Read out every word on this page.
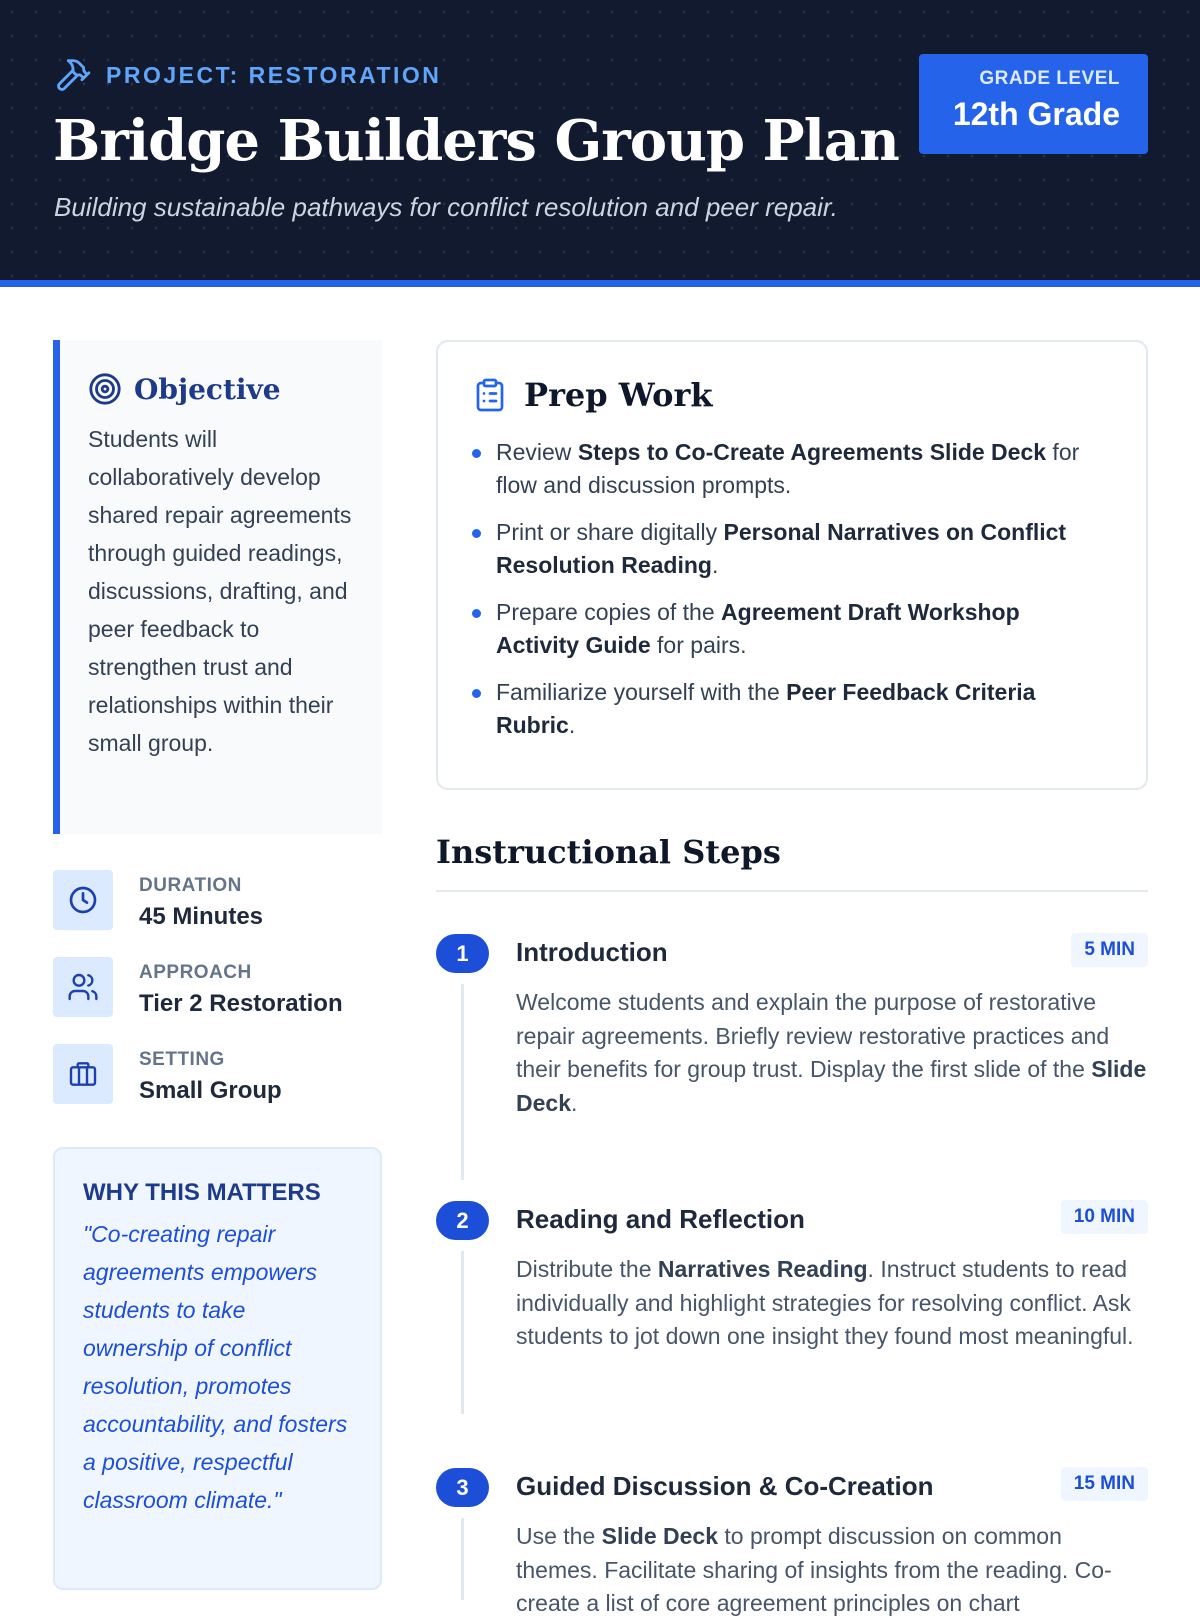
PROJECT: RESTORATION
Bridge Builders Group Plan

Building sustainable pathways for conflict resolution and peer repair.

GRADE LEVEL
12th Grade
Objective

Students will collaboratively develop shared repair agreements through guided readings, discussions, drafting, and peer feedback to strengthen trust and relationships within their small group.

DURATION
45 Minutes
APPROACH
Tier 2 Restoration
SETTING
Small Group
WHY THIS MATTERS

"Co-creating repair agreements empowers students to take ownership of conflict resolution, promotes accountability, and fosters a positive, respectful classroom climate."

Prep Work
Review Steps to Co-Create Agreements Slide Deck for flow and discussion prompts.
Print or share digitally Personal Narratives on Conflict Resolution Reading.
Prepare copies of the Agreement Draft Workshop Activity Guide for pairs.
Familiarize yourself with the Peer Feedback Criteria Rubric.
Instructional Steps
1	Introduction	5 MIN

Welcome students and explain the purpose of restorative repair agreements. Briefly review restorative practices and their benefits for group trust. Display the first slide of the Slide Deck.

2	Reading and Reflection	10 MIN

Distribute the Narratives Reading. Instruct students to read individually and highlight strategies for resolving conflict. Ask students to jot down one insight they found most meaningful.

3	Guided Discussion & Co-Creation	15 MIN

Use the Slide Deck to prompt discussion on common themes. Facilitate sharing of insights from the reading. Co-create a list of core agreement principles on chart
